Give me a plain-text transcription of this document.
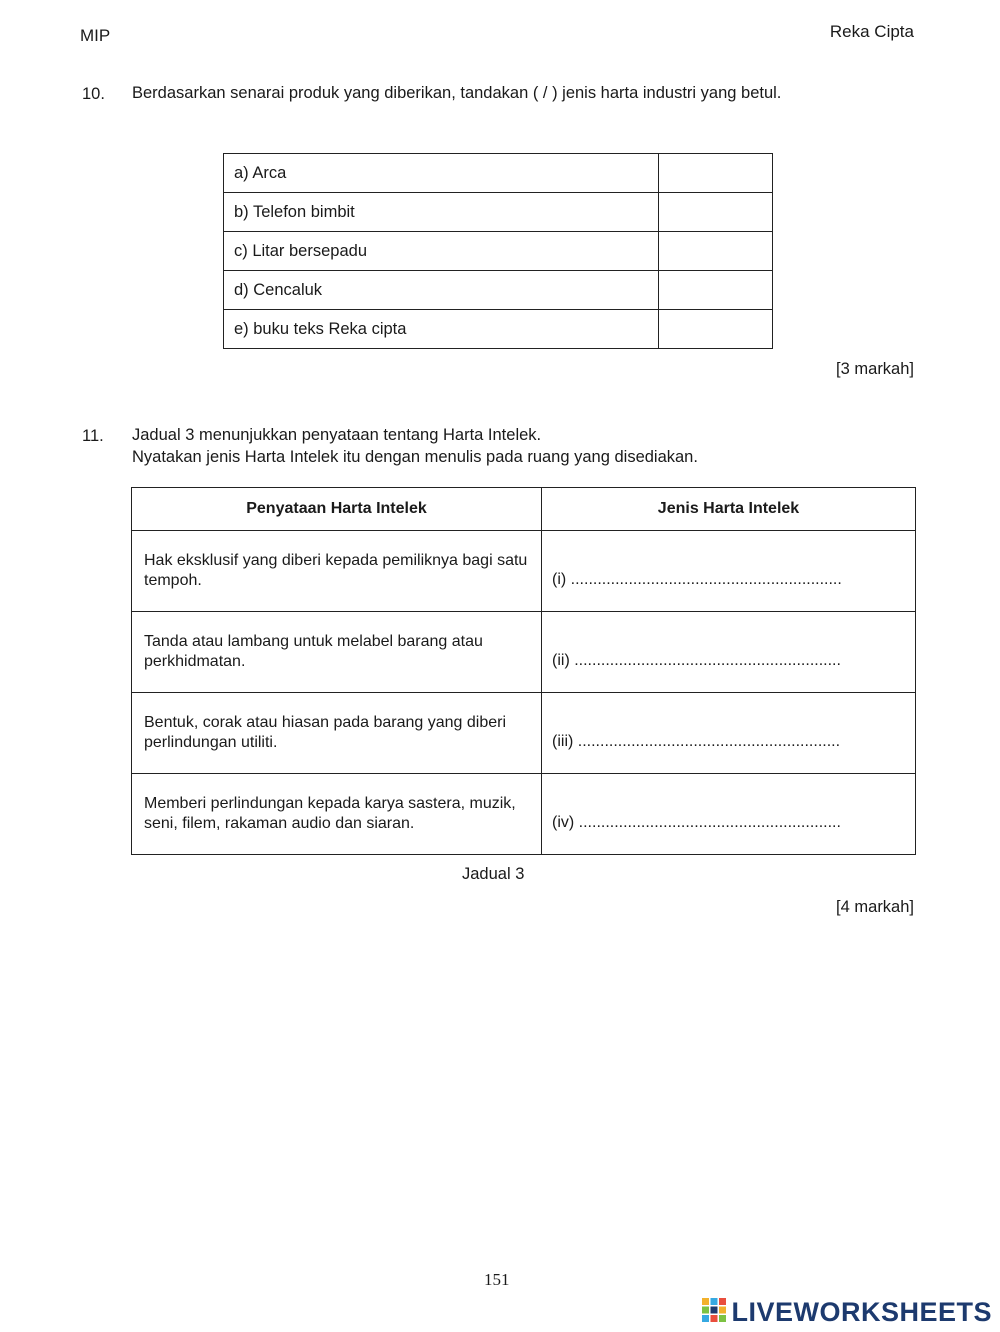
MIP	Reka Cipta
10. Berdasarkan senarai produk yang diberikan, tandakan ( / ) jenis harta industri yang betul.
a) Arca	
b) Telefon bimbit	
c) Litar bersepadu	
d) Cencaluk	
e) buku teks Reka cipta	
[3 markah]
11. Jadual 3 menunjukkan penyataan tentang Harta Intelek.
Nyatakan jenis Harta Intelek itu dengan menulis pada ruang yang disediakan.
Penyataan Harta Intelek	Jenis Harta Intelek
Hak eksklusif yang diberi kepada pemiliknya bagi satu tempoh.	(i) .............................................................

Tanda atau lambang untuk melabel barang atau perkhidmatan.	(ii) ............................................................

Bentuk, corak atau hiasan pada barang yang diberi perlindungan utiliti.	(iii) ...........................................................

Memberi perlindungan kepada karya sastera, muzik, seni, filem, rakaman audio dan siaran.	(iv) ...........................................................
Jadual 3
[4 markah]
151
LIVEWORKSHEETS
